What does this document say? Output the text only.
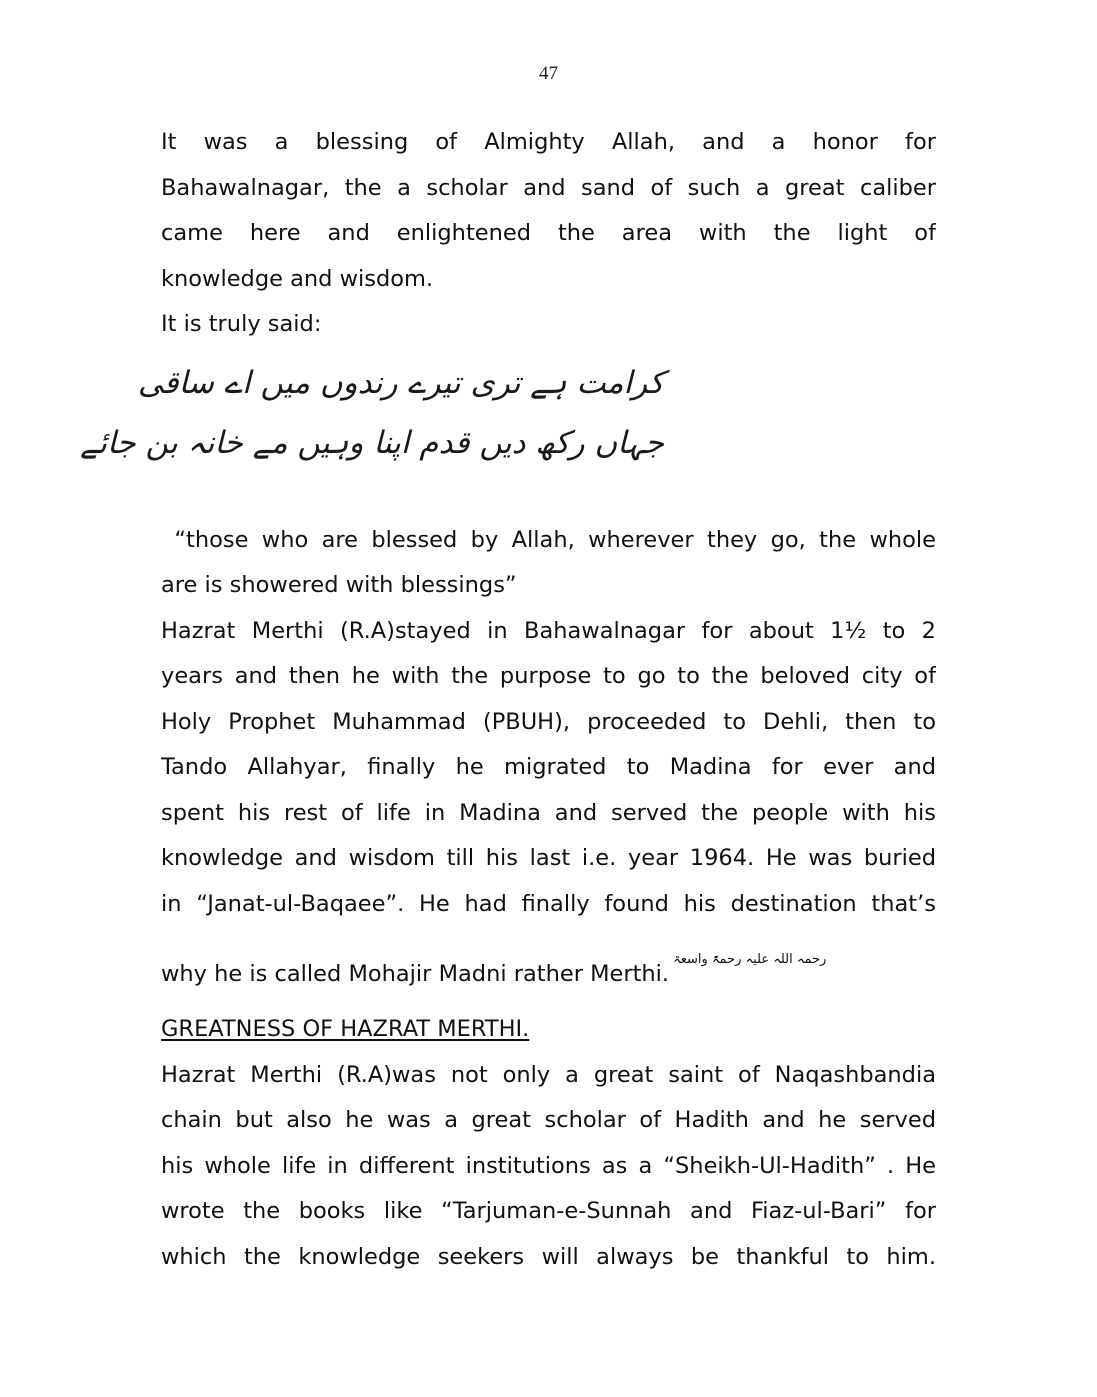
47
It was a blessing of Almighty Allah, and a honor for
Bahawalnagar, the a scholar and sand of such a great caliber
came here and enlightened the area with the light of
knowledge and wisdom.
It is truly said:
کرامت ہے تری تیرے رندوں میں اے ساقی
جہاں رکھ دیں قدم اپنا وہیں مے خانہ بن جائے
“those who are blessed by Allah, wherever they go, the whole
are is showered with blessings”
Hazrat Merthi (R.A)stayed in Bahawalnagar for about 1½ to 2
years and then he with the purpose to go to the beloved city of
Holy Prophet Muhammad (PBUH), proceeded to Dehli, then to
Tando Allahyar, finally he migrated to Madina for ever and
spent his rest of life in Madina and served the people with his
knowledge and wisdom till his last i.e. year 1964. He was buried
in “Janat-ul-Baqaee”. He had finally found his destination that’s
why he is called Mohajir Madni rather Merthi.$^{رحمہ اللہ علیہ رحمۃً واسعۃ}$
GREATNESS OF HAZRAT MERTHI.
Hazrat Merthi (R.A)was not only a great saint of Naqashbandia
chain but also he was a great scholar of Hadith and he served
his whole life in different institutions as a “Sheikh-Ul-Hadith” . He
wrote the books like “Tarjuman-e-Sunnah and Fiaz-ul-Bari” for
which the knowledge seekers will always be thankful to him.
